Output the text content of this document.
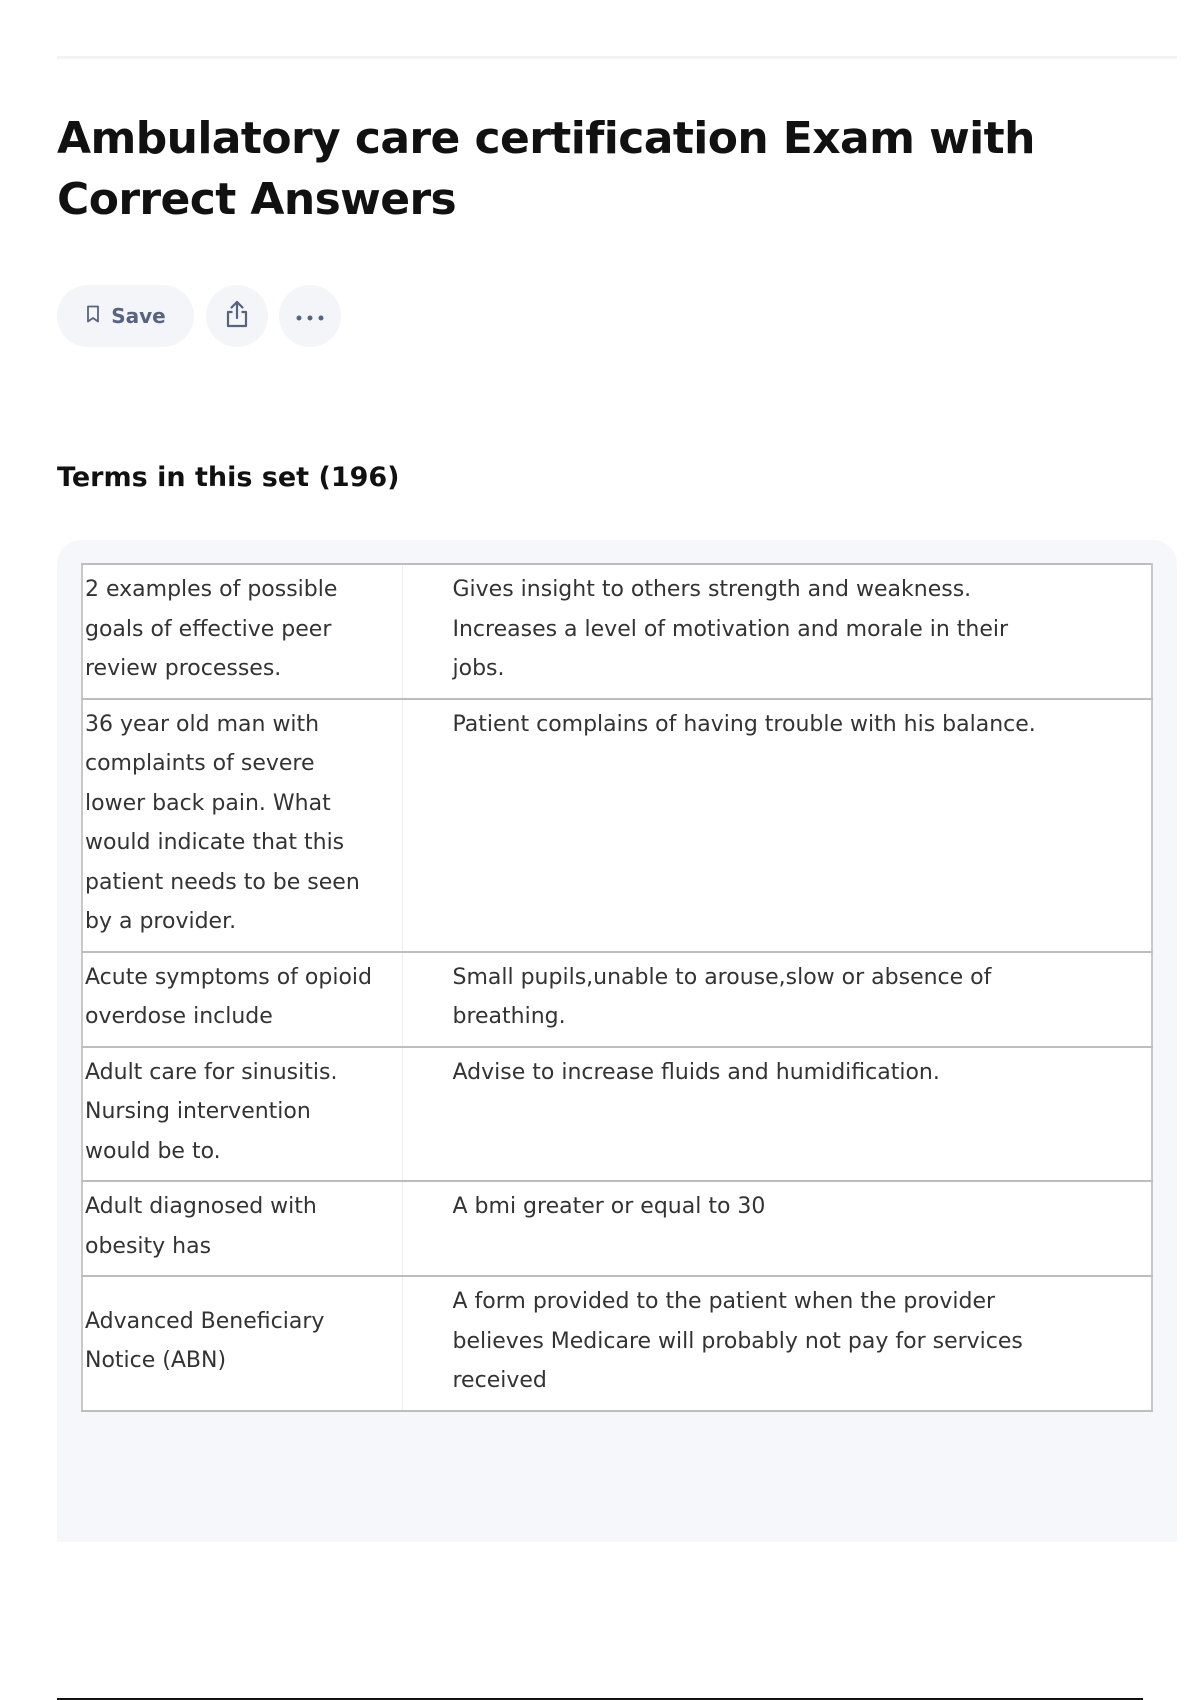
Ambulatory care certification Exam with Correct Answers
Save
Terms in this set (196)
2 examples of possible goals of effective peer review processes.	Gives insight to others strength and weakness. Increases a level of motivation and morale in their jobs.
36 year old man with complaints of severe lower back pain. What would indicate that this patient needs to be seen by a provider.	Patient complains of having trouble with his balance.
Acute symptoms of opioid overdose include	Small pupils,unable to arouse,slow or absence of breathing.
Adult care for sinusitis. Nursing intervention would be to.	Advise to increase fluids and humidification.
Adult diagnosed with obesity has	A bmi greater or equal to 30
Advanced Beneficiary Notice (ABN)	A form provided to the patient when the provider believes Medicare will probably not pay for services received
